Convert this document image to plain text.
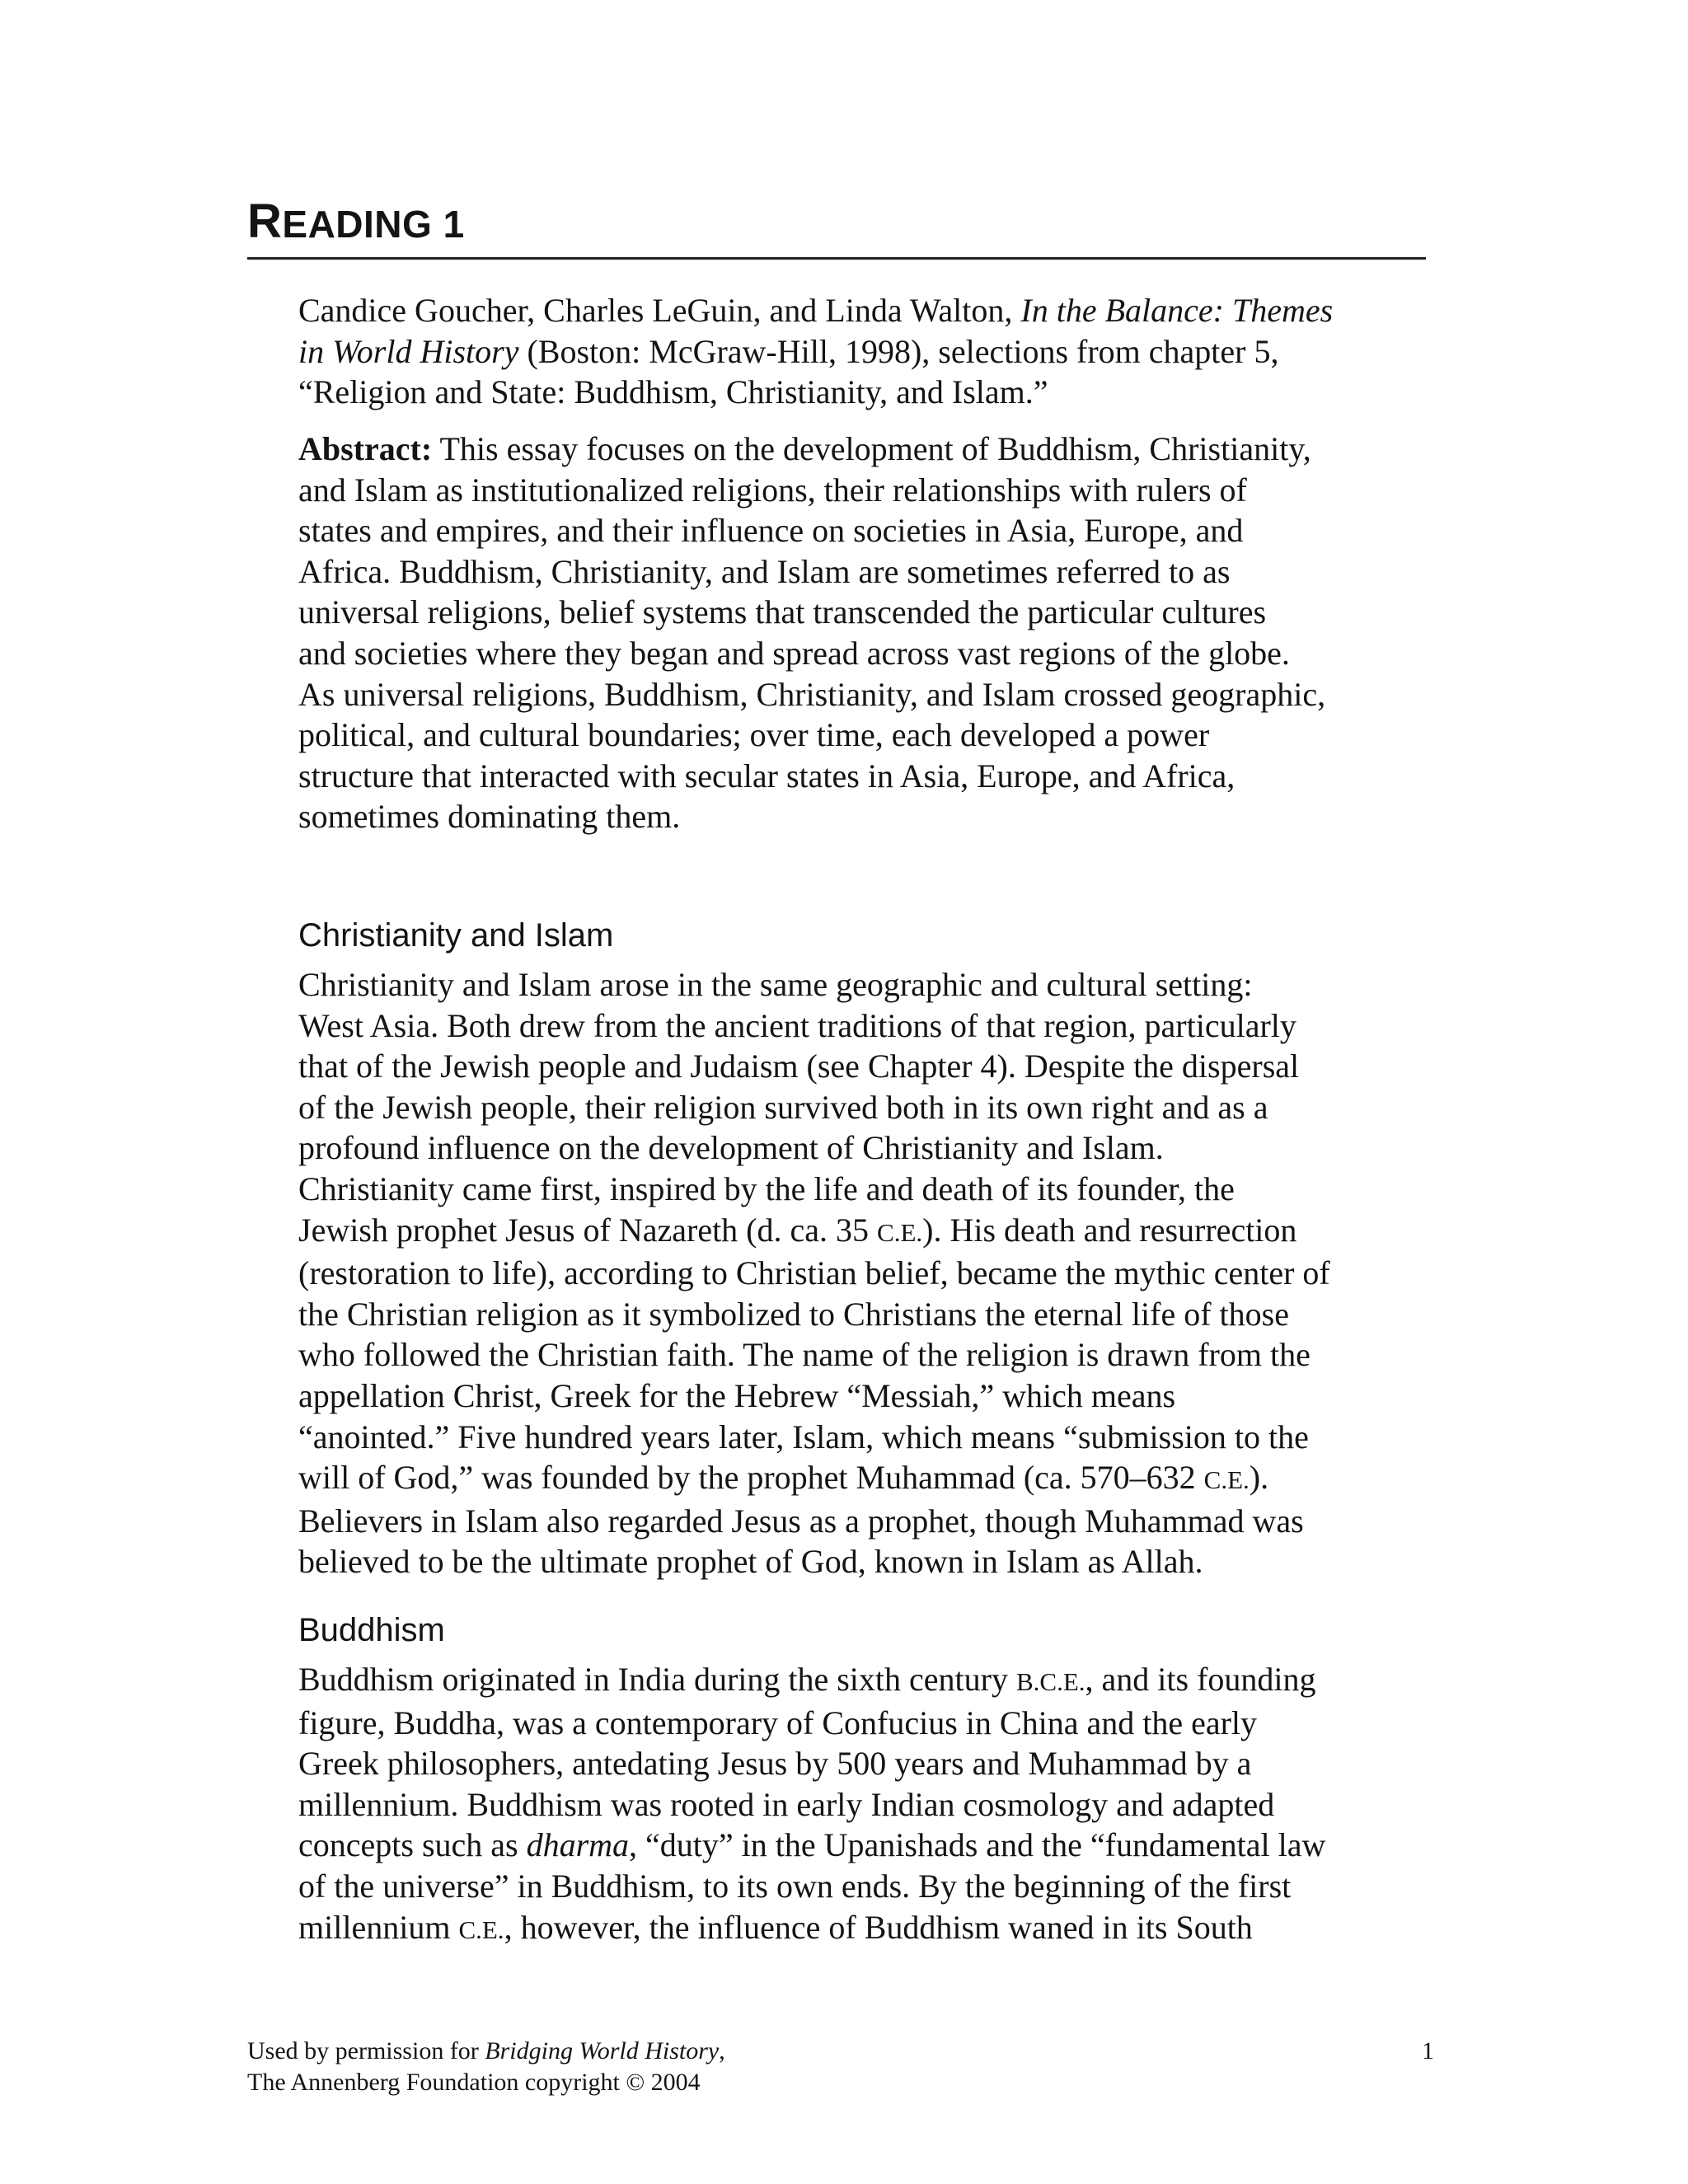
READING 1
Candice Goucher, Charles LeGuin, and Linda Walton, In the Balance: Themes
in World History (Boston: McGraw-Hill, 1998), selections from chapter 5,
“Religion and State: Buddhism, Christianity, and Islam.”
Abstract: This essay focuses on the development of Buddhism, Christianity,
and Islam as institutionalized religions, their relationships with rulers of
states and empires, and their influence on societies in Asia, Europe, and
Africa. Buddhism, Christianity, and Islam are sometimes referred to as
universal religions, belief systems that transcended the particular cultures
and societies where they began and spread across vast regions of the globe.
As universal religions, Buddhism, Christianity, and Islam crossed geographic,
political, and cultural boundaries; over time, each developed a power
structure that interacted with secular states in Asia, Europe, and Africa,
sometimes dominating them.
Christianity and Islam
Christianity and Islam arose in the same geographic and cultural setting:
West Asia. Both drew from the ancient traditions of that region, particularly
that of the Jewish people and Judaism (see Chapter 4). Despite the dispersal
of the Jewish people, their religion survived both in its own right and as a
profound influence on the development of Christianity and Islam.
Christianity came first, inspired by the life and death of its founder, the
Jewish prophet Jesus of Nazareth (d. ca. 35 C.E.). His death and resurrection
(restoration to life), according to Christian belief, became the mythic center of
the Christian religion as it symbolized to Christians the eternal life of those
who followed the Christian faith. The name of the religion is drawn from the
appellation Christ, Greek for the Hebrew “Messiah,” which means
“anointed.” Five hundred years later, Islam, which means “submission to the
will of God,” was founded by the prophet Muhammad (ca. 570–632 C.E.).
Believers in Islam also regarded Jesus as a prophet, though Muhammad was
believed to be the ultimate prophet of God, known in Islam as Allah.
Buddhism
Buddhism originated in India during the sixth century B.C.E., and its founding
figure, Buddha, was a contemporary of Confucius in China and the early
Greek philosophers, antedating Jesus by 500 years and Muhammad by a
millennium. Buddhism was rooted in early Indian cosmology and adapted
concepts such as dharma, “duty” in the Upanishads and the “fundamental law
of the universe” in Buddhism, to its own ends. By the beginning of the first
millennium C.E., however, the influence of Buddhism waned in its South
Used by permission for Bridging World History,
The Annenberg Foundation copyright © 2004
1
